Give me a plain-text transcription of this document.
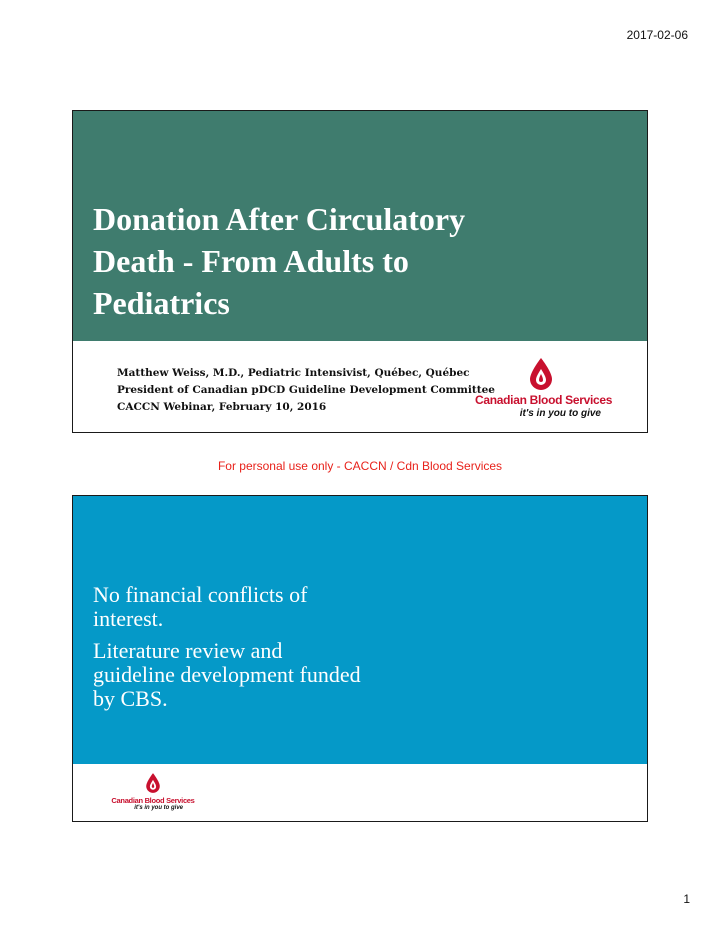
2017-02-06
Donation After Circulatory
Death - From Adults to
Pediatrics
Matthew Weiss, M.D., Pediatric Intensivist, Québec, Québec
President of Canadian pDCD Guideline Development Committee
CACCN Webinar, February 10, 2016	Canadian Blood Services
it's in you to give
For personal use only - CACCN / Cdn Blood Services
No financial conflicts of
interest.
Literature review and
guideline development funded
by CBS.
Canadian Blood Services
it's in you to give
1
